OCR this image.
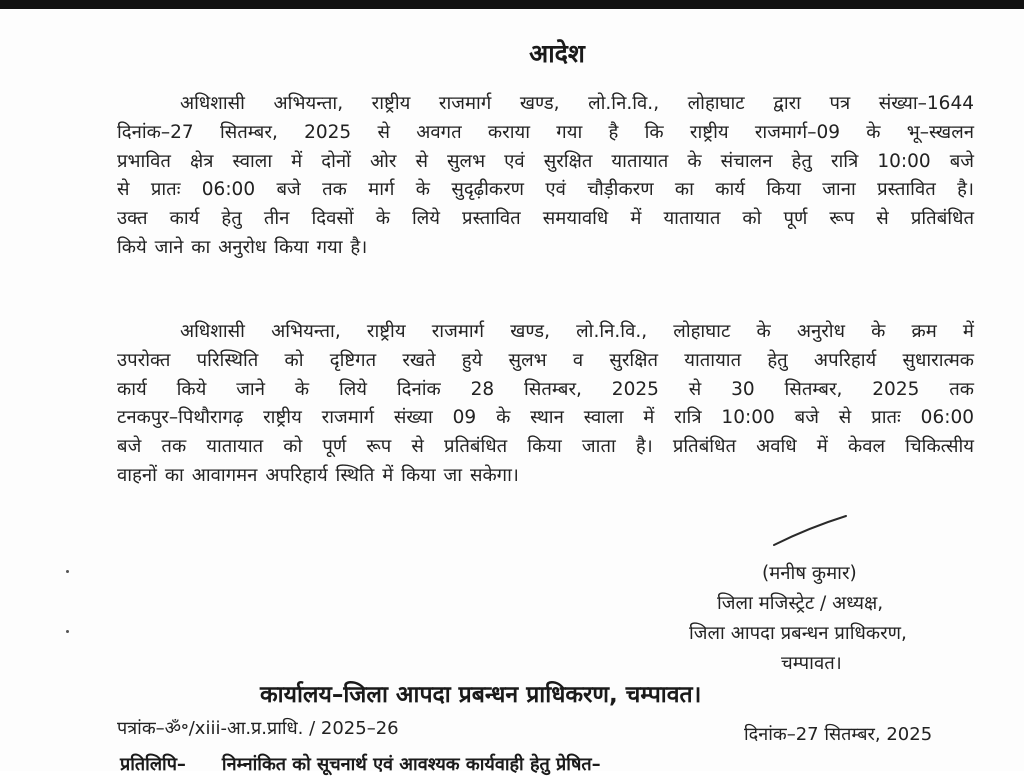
आदेश
अधिशासी अभियन्ता, राष्ट्रीय राजमार्ग खण्ड, लो.नि.वि., लोहाघाट द्वारा पत्र संख्या–1644
दिनांक–27 सितम्बर, 2025 से अवगत कराया गया है कि राष्ट्रीय राजमार्ग–09 के भू–स्खलन
प्रभावित क्षेत्र स्वाला में दोनों ओर से सुलभ एवं सुरक्षित यातायात के संचालन हेतु रात्रि 10:00 बजे
से प्रातः 06:00 बजे तक मार्ग के सुदृढ़ीकरण एवं चौड़ीकरण का कार्य किया जाना प्रस्तावित है।
उक्त कार्य हेतु तीन दिवसों के लिये प्रस्तावित समयावधि में यातायात को पूर्ण रूप से प्रतिबंधित
किये जाने का अनुरोध किया गया है।
अधिशासी अभियन्ता, राष्ट्रीय राजमार्ग खण्ड, लो.नि.वि., लोहाघाट के अनुरोध के क्रम में
उपरोक्त परिस्थिति को दृष्टिगत रखते हुये सुलभ व सुरक्षित यातायात हेतु अपरिहार्य सुधारात्मक
कार्य किये जाने के लिये दिनांक 28 सितम्बर, 2025 से 30 सितम्बर, 2025 तक
टनकपुर–पिथौरागढ़ राष्ट्रीय राजमार्ग संख्या 09 के स्थान स्वाला में रात्रि 10:00 बजे से प्रातः 06:00
बजे तक यातायात को पूर्ण रूप से प्रतिबंधित किया जाता है। प्रतिबंधित अवधि में केवल चिकित्सीय
वाहनों का आवागमन अपरिहार्य स्थिति में किया जा सकेगा।
(मनीष कुमार)
जिला मजिस्ट्रेट / अध्यक्ष,
जिला आपदा प्रबन्धन प्राधिकरण,
चम्पावत।
कार्यालय–जिला आपदा प्रबन्धन प्राधिकरण, चम्पावत।
पत्रांक–ॐ॰/xiii-आ.प्र.प्राधि. / 2025–26	दिनांक–27 सितम्बर, 2025
प्रतिलिपि– निम्नांकित को सूचनार्थ एवं आवश्यक कार्यवाही हेतु प्रेषित–
